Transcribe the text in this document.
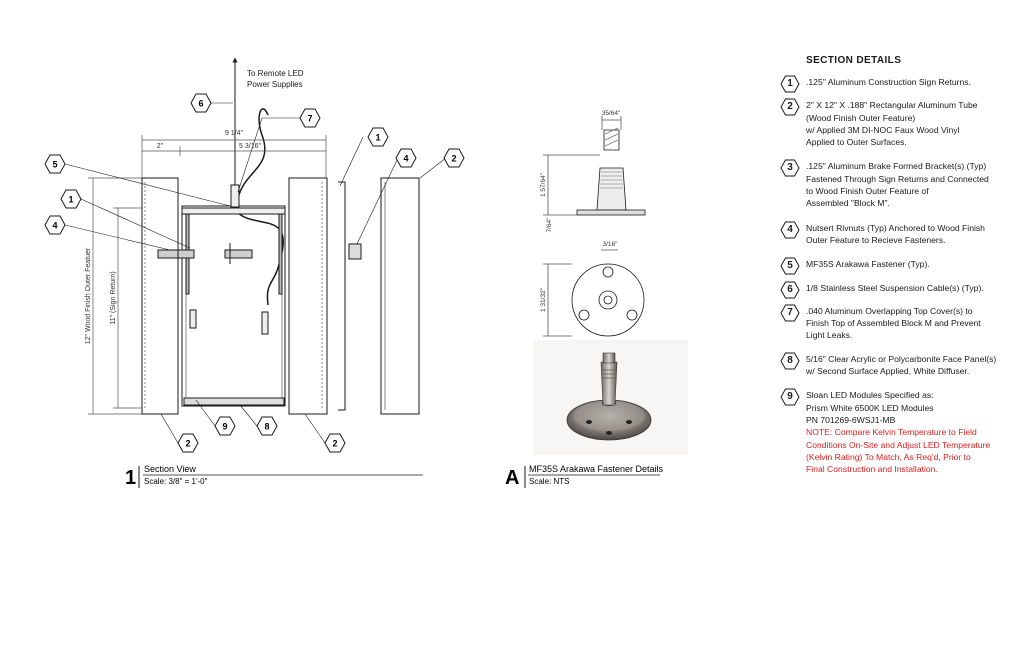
9 1/4"
2"	5 3/16"
12" Wood Finish Outer Featuer	11" (Sign Return)
To Remote LED
Power Supplies
6
7
1
4	2
5
1
4
2
9	8
2
1 Section View
Scale: 3/8" = 1'-0"
35/64"
1 57/64"
7/64"
3/16"
1 31/32"
A MF35S Arakawa Fastener Details
Scale: NTS
SECTION DETAILS
1	.125" Aluminum Construction Sign Returns.
2	2" X 12" X .188" Rectangular Aluminum Tube
(Wood Finish Outer Feature)
w/ Applied 3M DI-NOC Faux Wood Vinyl
Applied to Outer Surfaces.
3	.125" Aluminum Brake Formed Bracket(s) (Typ)
Fastened Through Sign Returns and Connected
to Wood Finish Outer Feature of
Assembled "Block M".
4	Nutsert Rivnuts (Typ) Anchored to Wood Finish
Outer Feature to Recieve Fasteners.
5	MF35S Arakawa Fastener (Typ).
6	1/8 Stainless Steel Suspension Cable(s) (Typ).
7	.040 Aluminum Overlapping Top Cover(s) to
Finish Top of Assembled Block M and Prevent
Light Leaks.
8	5/16" Clear Acrylic or Polycarbonite Face Panel(s)
w/ Second Surface Applied, White Diffuser.
9	Sloan LED Modules Specified as:
Prism White 6500K LED Modules
PN 701269-6WSJ1-MB
NOTE: Compare Kelvin Temperature to Field
Conditions On-Site and Adjust LED Temperature
(Kelvin Rating) To Match, As Req'd, Prior to
Final Construction and Installation.
